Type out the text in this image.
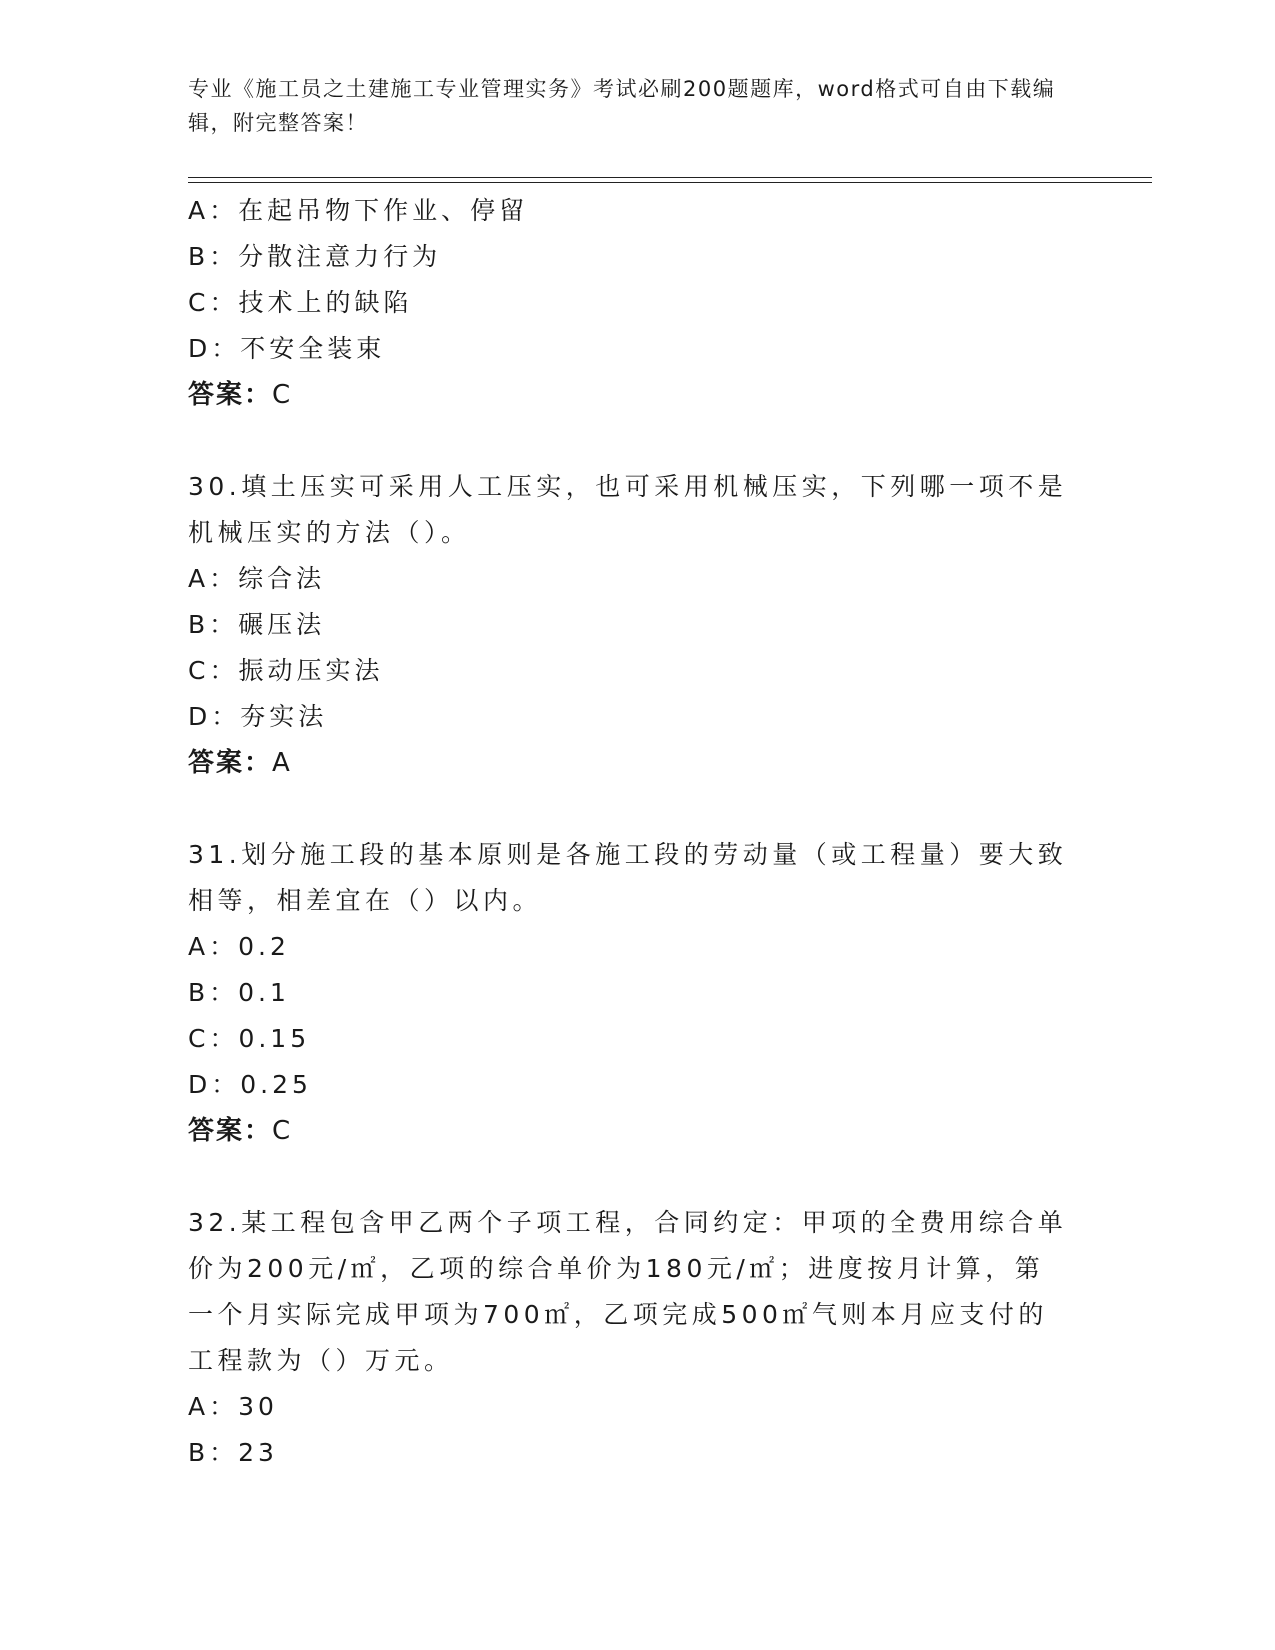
专业《施工员之土建施工专业管理实务》考试必刷200题题库，word格式可自由下载编辑，附完整答案！
A：在起吊物下作业、停留
B：分散注意力行为
C：技术上的缺陷
D：不安全装束
答案：C
30.填土压实可采用人工压实，也可采用机械压实，下列哪一项不是机械压实的方法（）。
A：综合法
B：碾压法
C：振动压实法
D：夯实法
答案：A
31.划分施工段的基本原则是各施工段的劳动量（或工程量）要大致相等，相差宜在（）以内。
A：0.2
B：0.1
C：0.15
D：0.25
答案：C
32.某工程包含甲乙两个子项工程，合同约定：甲项的全费用综合单价为200元/㎡，乙项的综合单价为180元/㎡；进度按月计算，第一个月实际完成甲项为700㎡，乙项完成500㎡气则本月应支付的工程款为（）万元。
A：30
B：23
